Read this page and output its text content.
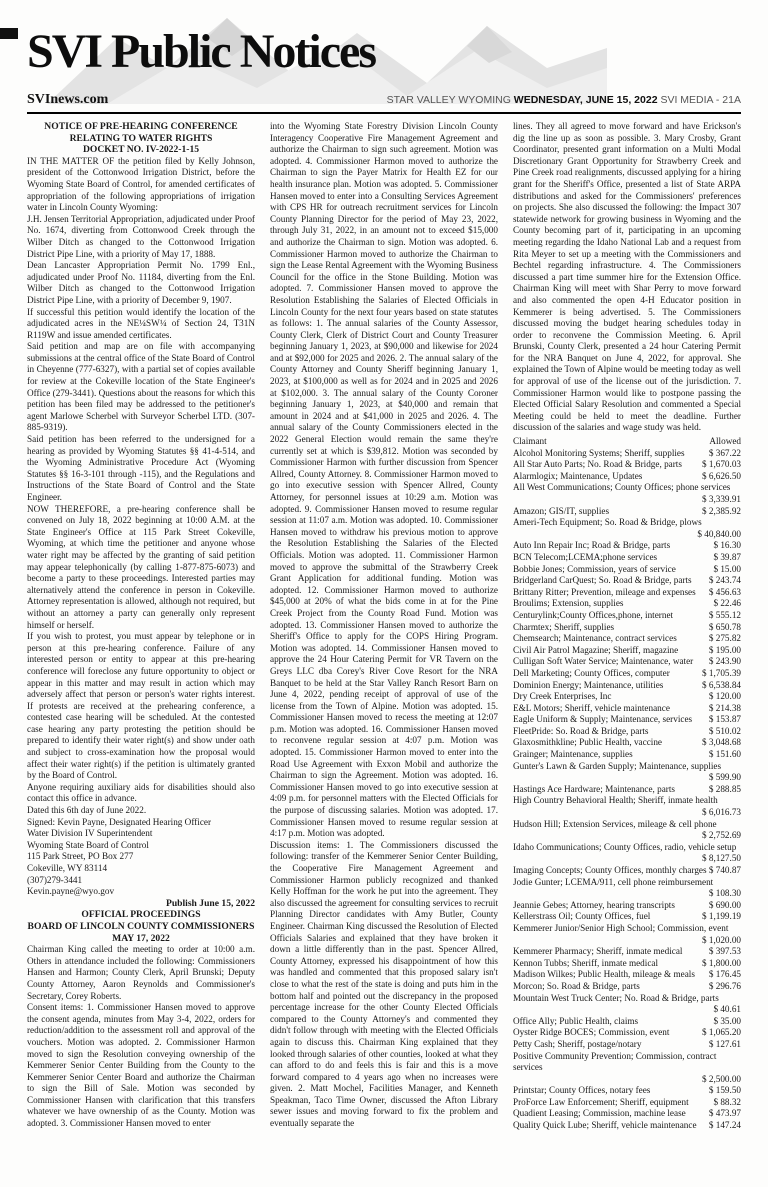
SVI Public Notices
SVInews.com	STAR VALLEY WYOMING WEDNESDAY, JUNE 15, 2022 SVI MEDIA - 21A

NOTICE OF PRE-HEARING CONFERENCE

RELATING TO WATER RIGHTS

DOCKET NO. IV-2022-1-15

IN THE MATTER OF the petition filed by Kelly Johnson, president of the Cottonwood Irrigation District, before the Wyoming State Board of Control, for amended certificates of appropriation of the following appropriations of irrigation water in Lincoln County Wyoming:

J.H. Jensen Territorial Appropriation, adjudicated under Proof No. 1674, diverting from Cottonwood Creek through the Wilber Ditch as changed to the Cottonwood Irrigation District Pipe Line, with a priority of May 17, 1888.

Dean Lancaster Appropriation Permit No. 1799 Enl., adjudicated under Proof No. 11184, diverting from the Enl. Wilber Ditch as changed to the Cottonwood Irrigation District Pipe Line, with a priority of December 9, 1907.

If successful this petition would identify the location of the adjudicated acres in the NE¼SW¼ of Section 24, T31N R119W and issue amended certificates.

Said petition and map are on file with accompanying submissions at the central office of the State Board of Control in Cheyenne (777-6327), with a partial set of copies available for review at the Cokeville location of the State Engineer's Office (279-3441). Questions about the reasons for which this petition has been filed may be addressed to the petitioner's agent Marlowe Scherbel with Surveyor Scherbel LTD. (307-885-9319).

Said petition has been referred to the undersigned for a hearing as provided by Wyoming Statutes §§ 41-4-514, and the Wyoming Administrative Procedure Act (Wyoming Statutes §§ 16-3-101 through -115), and the Regulations and Instructions of the State Board of Control and the State Engineer.

NOW THEREFORE, a pre-hearing conference shall be convened on July 18, 2022 beginning at 10:00 A.M. at the State Engineer's Office at 115 Park Street Cokeville, Wyoming, at which time the petitioner and anyone whose water right may be affected by the granting of said petition may appear telephonically (by calling 1-877-875-6073) and become a party to these proceedings. Interested parties may alternatively attend the conference in person in Cokeville. Attorney representation is allowed, although not required, but without an attorney a party can generally only represent himself or herself.

If you wish to protest, you must appear by telephone or in person at this pre-hearing conference. Failure of any interested person or entity to appear at this pre-hearing conference will foreclose any future opportunity to object or appear in this matter and may result in action which may adversely affect that person or person's water rights interest. If protests are received at the prehearing conference, a contested case hearing will be scheduled. At the contested case hearing any party protesting the petition should be prepared to identify their water right(s) and show under oath and subject to cross-examination how the proposal would affect their water right(s) if the petition is ultimately granted by the Board of Control.

Anyone requiring auxiliary aids for disabilities should also contact this office in advance.

Dated this 6th day of June 2022.

Signed: Kevin Payne, Designated Hearing Officer

Water Division IV Superintendent

Wyoming State Board of Control

115 Park Street, PO Box 277

Cokeville, WY 83114

(307)279-3441

Kevin.payne@wyo.gov

Publish June 15, 2022

OFFICIAL PROCEEDINGS

BOARD OF LINCOLN COUNTY COMMISSIONERS

MAY 17, 2022

Chairman King called the meeting to order at 10:00 a.m. Others in attendance included the following: Commissioners Hansen and Harmon; County Clerk, April Brunski; Deputy County Attorney, Aaron Reynolds and Commissioner's Secretary, Corey Roberts.

Consent items: 1. Commissioner Hansen moved to approve the consent agenda, minutes from May 3-4, 2022, orders for reduction/addition to the assessment roll and approval of the vouchers. Motion was adopted. 2. Commissioner Harmon moved to sign the Resolution conveying ownership of the Kemmerer Senior Center Building from the County to the Kemmerer Senior Center Board and authorize the Chairman to sign the Bill of Sale. Motion was seconded by Commissioner Hansen with clarification that this transfers whatever we have ownership of as the County. Motion was adopted. 3. Commissioner Hansen moved to enter

into the Wyoming State Forestry Division Lincoln County Interagency Cooperative Fire Management Agreement and authorize the Chairman to sign such agreement. Motion was adopted. 4. Commissioner Harmon moved to authorize the Chairman to sign the Payer Matrix for Health EZ for our health insurance plan. Motion was adopted. 5. Commissioner Hansen moved to enter into a Consulting Services Agreement with CPS HR for outreach recruitment services for Lincoln County Planning Director for the period of May 23, 2022, through July 31, 2022, in an amount not to exceed $15,000 and authorize the Chairman to sign. Motion was adopted. 6. Commissioner Harmon moved to authorize the Chairman to sign the Lease Rental Agreement with the Wyoming Business Council for the office in the Stone Building. Motion was adopted. 7. Commissioner Hansen moved to approve the Resolution Establishing the Salaries of Elected Officials in Lincoln County for the next four years based on state statutes as follows: 1. The annual salaries of the County Assessor, County Clerk, Clerk of District Court and County Treasurer beginning January 1, 2023, at $90,000 and likewise for 2024 and at $92,000 for 2025 and 2026. 2. The annual salary of the County Attorney and County Sheriff beginning January 1, 2023, at $100,000 as well as for 2024 and in 2025 and 2026 at $102,000. 3. The annual salary of the County Coroner beginning January 1, 2023, at $40,000 and remain that amount in 2024 and at $41,000 in 2025 and 2026. 4. The annual salary of the County Commissioners elected in the 2022 General Election would remain the same they're currently set at which is $39,812. Motion was seconded by Commissioner Harmon with further discussion from Spencer Allred, County Attorney. 8. Commissioner Harmon moved to go into executive session with Spencer Allred, County Attorney, for personnel issues at 10:29 a.m. Motion was adopted. 9. Commissioner Hansen moved to resume regular session at 11:07 a.m. Motion was adopted. 10. Commissioner Hansen moved to withdraw his previous motion to approve the Resolution Establishing the Salaries of the Elected Officials. Motion was adopted. 11. Commissioner Harmon moved to approve the submittal of the Strawberry Creek Grant Application for additional funding. Motion was adopted. 12. Commissioner Harmon moved to authorize $45,000 at 20% of what the bids come in at for the Pine Creek Project from the County Road Fund. Motion was adopted. 13. Commissioner Hansen moved to authorize the Sheriff's Office to apply for the COPS Hiring Program. Motion was adopted. 14. Commissioner Hansen moved to approve the 24 Hour Catering Permit for VR Tavern on the Greys LLC dba Corey's River Cove Resort for the NRA Banquet to be held at the Star Valley Ranch Resort Barn on June 4, 2022, pending receipt of approval of use of the license from the Town of Alpine. Motion was adopted. 15. Commissioner Hansen moved to recess the meeting at 12:07 p.m. Motion was adopted. 16. Commissioner Hansen moved to reconvene regular session at 4:07 p.m. Motion was adopted. 15. Commissioner Harmon moved to enter into the Road Use Agreement with Exxon Mobil and authorize the Chairman to sign the Agreement. Motion was adopted. 16. Commissioner Hansen moved to go into executive session at 4:09 p.m. for personnel matters with the Elected Officials for the purpose of discussing salaries. Motion was adopted. 17. Commissioner Hansen moved to resume regular session at 4:17 p.m. Motion was adopted.

Discussion items: 1. The Commissioners discussed the following: transfer of the Kemmerer Senior Center Building, the Cooperative Fire Management Agreement and Commissioner Harmon publicly recognized and thanked Kelly Hoffman for the work he put into the agreement. They also discussed the agreement for consulting services to recruit Planning Director candidates with Amy Butler, County Engineer. Chairman King discussed the Resolution of Elected Officials Salaries and explained that they have broken it down a little differently than in the past. Spencer Allred, County Attorney, expressed his disappointment of how this was handled and commented that this proposed salary isn't close to what the rest of the state is doing and puts him in the bottom half and pointed out the discrepancy in the proposed percentage increase for the other County Elected Officials compared to the County Attorney's and commented they didn't follow through with meeting with the Elected Officials again to discuss this. Chairman King explained that they looked through salaries of other counties, looked at what they can afford to do and feels this is fair and this is a move forward compared to 4 years ago when no increases were given. 2. Matt Mochel, Facilities Manager, and Kenneth Speakman, Taco Time Owner, discussed the Afton Library sewer issues and moving forward to fix the problem and eventually separate the

lines. They all agreed to move forward and have Erickson's dig the line up as soon as possible. 3. Mary Crosby, Grant Coordinator, presented grant information on a Multi Modal Discretionary Grant Opportunity for Strawberry Creek and Pine Creek road realignments, discussed applying for a hiring grant for the Sheriff's Office, presented a list of State ARPA distributions and asked for the Commissioners' preferences on projects. She also discussed the following: the Impact 307 statewide network for growing business in Wyoming and the County becoming part of it, participating in an upcoming meeting regarding the Idaho National Lab and a request from Rita Meyer to set up a meeting with the Commissioners and Bechtel regarding infrastructure. 4. The Commissioners discussed a part time summer hire for the Extension Office. Chairman King will meet with Shar Perry to move forward and also commented the open 4-H Educator position in Kemmerer is being advertised. 5. The Commissioners discussed moving the budget hearing schedules today in order to reconvene the Commission Meeting. 6. April Brunski, County Clerk, presented a 24 hour Catering Permit for the NRA Banquet on June 4, 2022, for approval. She explained the Town of Alpine would be meeting today as well for approval of use of the license out of the jurisdiction. 7. Commissioner Harmon would like to postpone passing the Elected Official Salary Resolution and commented a Special Meeting could be held to meet the deadline. Further discussion of the salaries and wage study was held.

Claimant	Allowed
Alcohol Monitoring Systems; Sheriff, supplies	$ 367.22
All Star Auto Parts; No. Road & Bridge, parts $ 1,670.03
Alarmlogix; Maintenance, Updates	$ 6,626.50
All West Communications; County Offices; phone services
$ 3,339.91
Amazon; GIS/IT, supplies	$ 2,385.92
Ameri-Tech Equipment; So. Road & Bridge, plows
$ 40,840.00
Auto Inn Repair Inc; Road & Bridge, parts	$ 16.30
BCN Telecom;LCEMA;phone services	$ 39.87
Bobbie Jones; Commission, years of service	$ 15.00
Bridgerland CarQuest; So. Road & Bridge, parts $ 243.74
Brittany Ritter; Prevention, mileage and expenses $ 456.63
Broulims; Extension, supplies	$ 22.46
Centurylink;County Offices,phone, internet	$ 555.12
Charmtex; Sheriff, supplies	$ 650.78
Chemsearch; Maintenance, contract services	$ 275.82
Civil Air Patrol Magazine; Sheriff, magazine	$ 195.00
Culligan Soft Water Service; Maintenance, water $ 243.90
Dell Marketing; County Offices, computer	$ 1,705.39
Dominion Energy; Maintenance, utilities	$ 6,538.84
Dry Creek Enterprises, Inc	$ 120.00
E&L Motors; Sheriff, vehicle maintenance	$ 214.38
Eagle Uniform & Supply; Maintenance, services $ 153.87
FleetPride: So. Road & Bridge, parts	$ 510.02
Glaxosmithkline; Public Health, vaccine	$ 3,048.68
Grainger; Maintenance, supplies	$ 151.60
Gunter's Lawn & Garden Supply; Maintenance, supplies
$ 599.90
Hastings Ace Hardware; Maintenance, parts	$ 288.85
High Country Behavioral Health; Sheriff, inmate health
$ 6,016.73
Hudson Hill; Extension Services, mileage & cell phone
$ 2,752.69
Idaho Communications; County Offices, radio, vehicle setup
$ 8,127.50
Imaging Concepts; County Offices, monthly charges $ 740.87
Jodie Gunter; LCEMA/911, cell phone reimbursement
$ 108.30
Jeannie Gebes; Attorney, hearing transcripts	$ 690.00
Kellerstrass Oil; County Offices, fuel	$ 1,199.19
Kemmerer Junior/Senior High School; Commission, event
$ 1,020.00
Kemmerer Pharmacy; Sheriff, inmate medical	$ 397.53
Kennon Tubbs; Sheriff, inmate medical	$ 1,800.00
Madison Wilkes; Public Health, mileage & meals $ 176.45
Morcon; So. Road & Bridge, parts	$ 296.76
Mountain West Truck Center; No. Road & Bridge, parts
$ 40.61
Office Ally; Public Health, claims	$ 35.00
Oyster Ridge BOCES; Commission, event	$ 1,065.20
Petty Cash; Sheriff, postage/notary	$ 127.61
Positive Community Prevention; Commission, contract services
$ 2,500.00
Printstar; County Offices, notary fees	$ 159.50
ProForce Law Enforcement; Sheriff, equipment	$ 88.32
Quadient Leasing; Commission, machine lease	$ 473.97
Quality Quick Lube; Sheriff, vehicle maintenance $ 147.24
